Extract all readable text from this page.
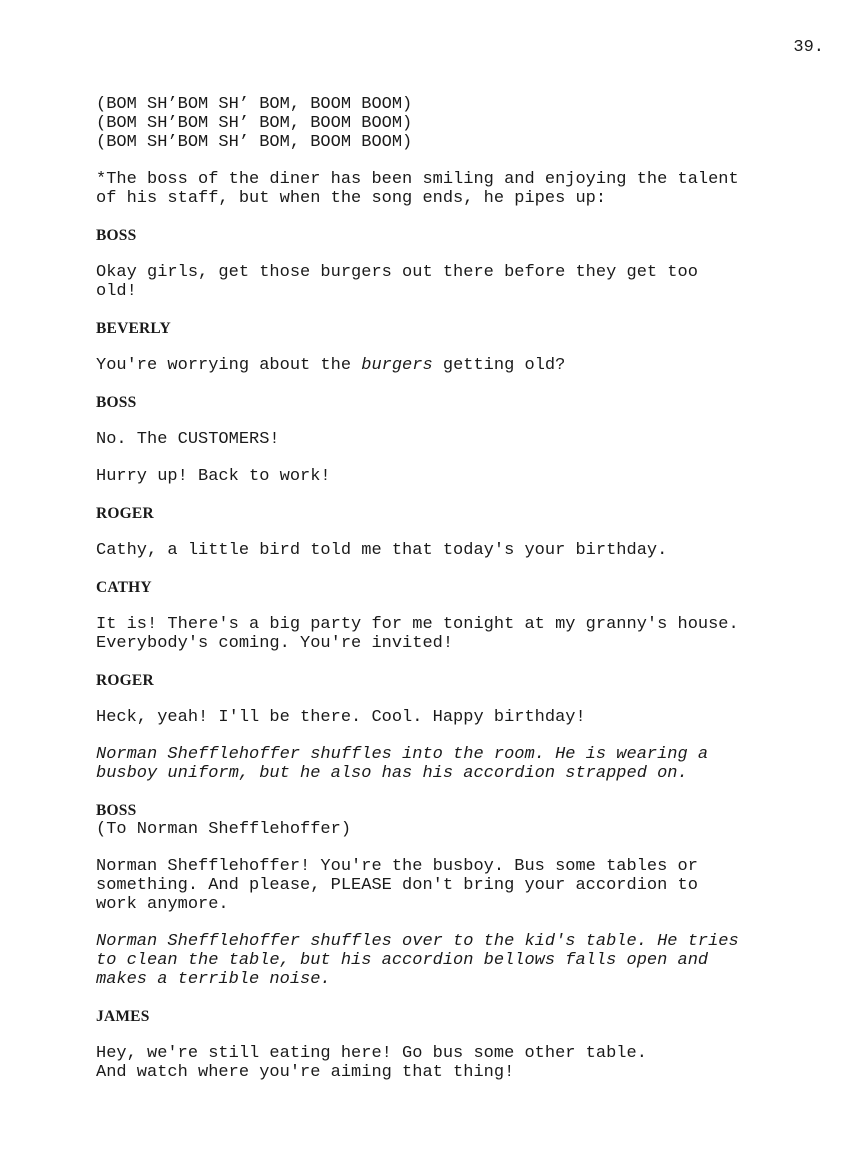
39.
(BOM SH’BOM SH’ BOM, BOOM BOOM)
(BOM SH’BOM SH’ BOM, BOOM BOOM)
(BOM SH’BOM SH’ BOM, BOOM BOOM)
*The boss of the diner has been smiling and enjoying the talent
of his staff, but when the song ends, he pipes up:
BOSS
Okay girls, get those burgers out there before they get too
old!
BEVERLY
You're worrying about the burgers getting old?
BOSS
No. The CUSTOMERS!
Hurry up! Back to work!
ROGER
Cathy, a little bird told me that today's your birthday.
CATHY
It is! There's a big party for me tonight at my granny's house.
Everybody's coming. You're invited!
ROGER
Heck, yeah! I'll be there. Cool. Happy birthday!
Norman Shefflehoffer shuffles into the room. He is wearing a
busboy uniform, but he also has his accordion strapped on.
BOSS
(To Norman Shefflehoffer)
Norman Shefflehoffer! You're the busboy. Bus some tables or
something. And please, PLEASE don't bring your accordion to
work anymore.
Norman Shefflehoffer shuffles over to the kid's table. He tries
to clean the table, but his accordion bellows falls open and
makes a terrible noise.
JAMES
Hey, we're still eating here! Go bus some other table.
And watch where you're aiming that thing!
